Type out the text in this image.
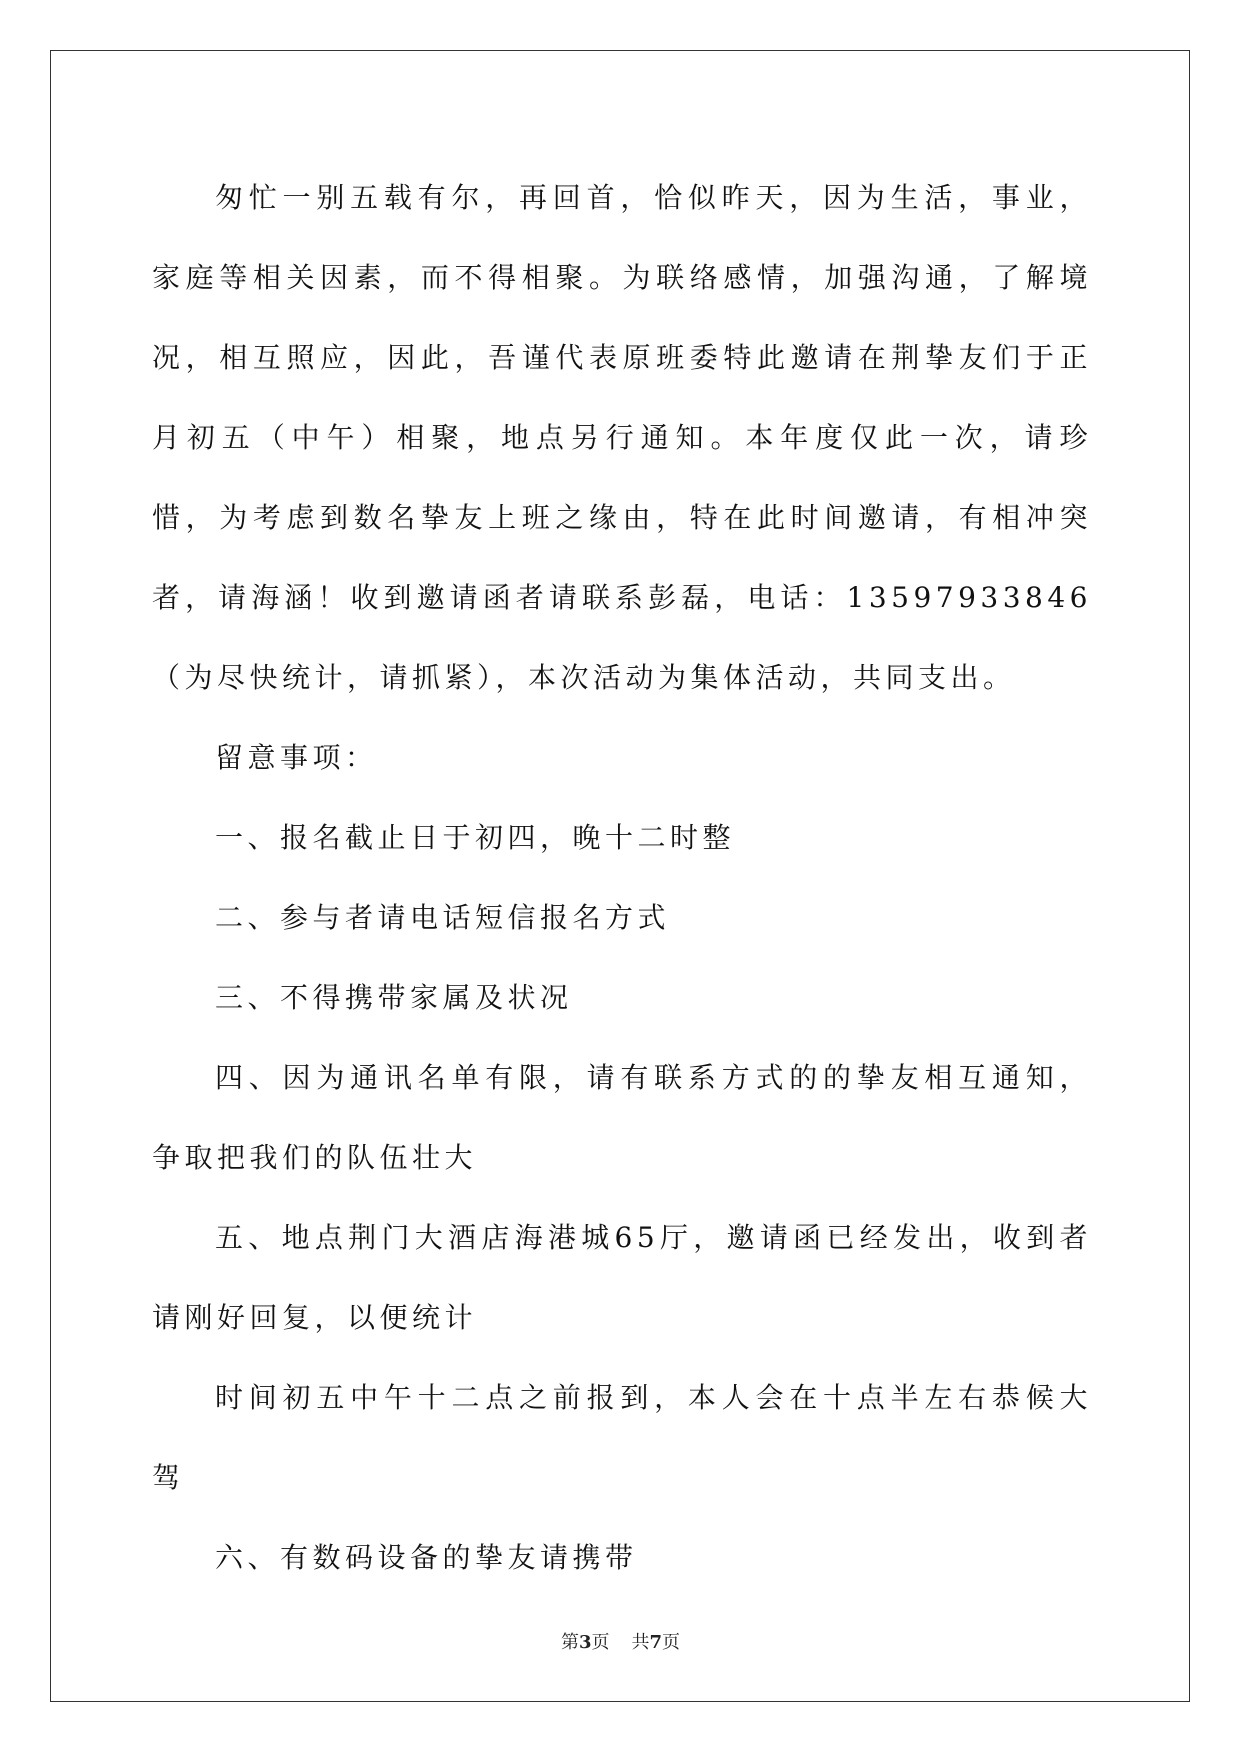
匆忙一别五载有尔，再回首，恰似昨天，因为生活，事业，家庭等相关因素，而不得相聚。为联络感情，加强沟通，了解境况，相互照应，因此，吾谨代表原班委特此邀请在荆挚友们于正月初五（中午）相聚，地点另行通知。本年度仅此一次，请珍惜，为考虑到数名挚友上班之缘由，特在此时间邀请，有相冲突者，请海涵！收到邀请函者请联系彭磊，电话：13597933846（为尽快统计，请抓紧），本次活动为集体活动，共同支出。

留意事项：

一、报名截止日于初四，晚十二时整

二、参与者请电话短信报名方式

三、不得携带家属及状况

四、因为通讯名单有限，请有联系方式的的挚友相互通知，争取把我们的队伍壮大

五、地点荆门大酒店海港城65厅，邀请函已经发出，收到者请刚好回复，以便统计

时间初五中午十二点之前报到，本人会在十点半左右恭候大驾

六、有数码设备的挚友请携带

第3页 共7页
